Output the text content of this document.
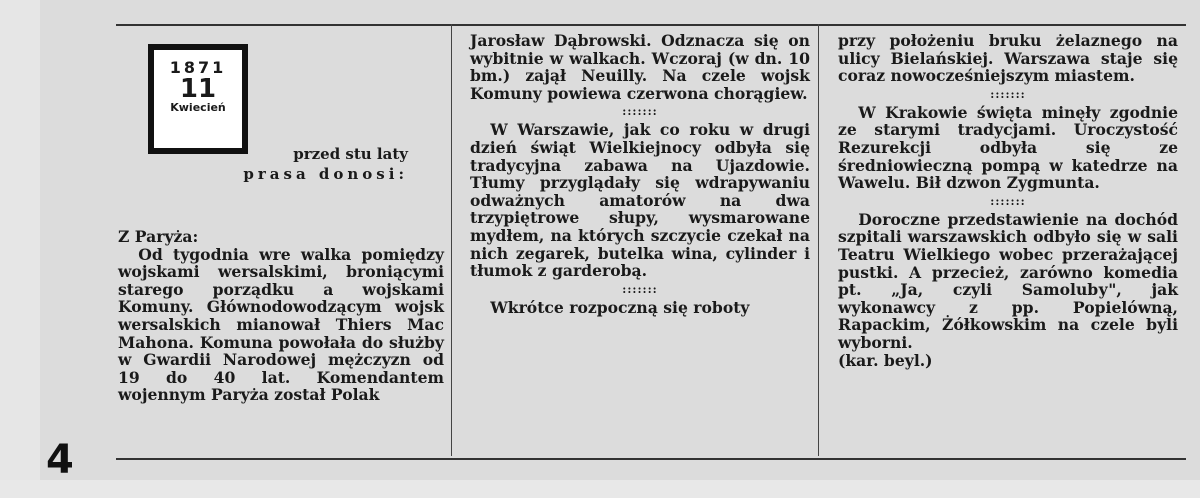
1871
11
Kwiecień
przed stu laty
prasa donosi:

Z Paryża:

Od tygodnia wre walka pomiędzy wojskami wersalskimi, broniącymi starego porządku a wojskami Komuny. Głównodowodzącym wojsk wersalskich mianował Thiers Mac Mahona. Komuna powołała do służby w Gwardii Narodowej mężczyzn od 19 do 40 lat. Komendantem wojennym Paryża został Polak

Jarosław Dąbrowski. Odznacza się on wybitnie w walkach. Wczoraj (w dn. 10 bm.) zajął Neuilly. Na czele wojsk Komuny powiewa czerwona chorągiew.

:::::::

W Warszawie, jak co roku w drugi dzień świąt Wielkiejnocy odbyła się tradycyjna zabawa na Ujazdowie. Tłumy przyglądały się wdrapywaniu odważnych amatorów na dwa trzypiętrowe słupy, wysmarowane mydłem, na których szczycie czekał na nich zegarek, butelka wina, cylinder i tłumok z garderobą.

:::::::

Wkrótce rozpoczną się roboty

przy położeniu bruku żelaznego na ulicy Bielańskiej. Warszawa staje się coraz nowocześniejszym miastem.

:::::::

W Krakowie święta minęły zgodnie ze starymi tradycjami. Uroczystość Rezurekcji odbyła się ze średniowieczną pompą w katedrze na Wawelu. Bił dzwon Zygmunta.

:::::::

Doroczne przedstawienie na dochód szpitali warszawskich odbyło się w sali Teatru Wielkiego wobec przerażającej pustki. A przecież, zarówno komedia pt. „Ja, czyli Samolubу", jak wykonawcy z pp. Popielówną, Rapackim, Żółkowskim na czele byli wyborni.

(kar. beyl.)

4
